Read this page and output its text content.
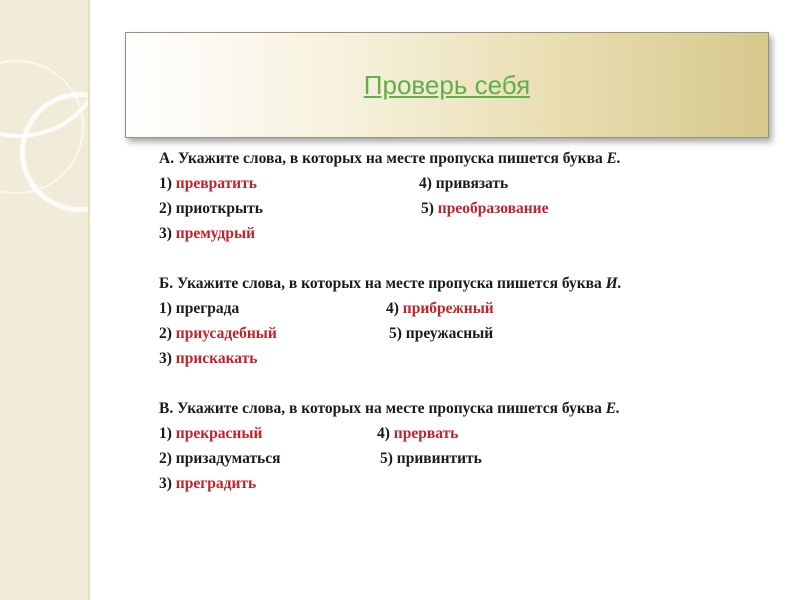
Проверь себя
А. Укажите слова, в которых на месте пропуска пишется буква Е.
1) превратить	4) привязать
2) приоткрыть	5) преобразование
3) премудрый
Б. Укажите слова, в которых на месте пропуска пишется буква И.
1) преграда	4) прибрежный
2) приусадебный	5) преужасный
3) прискакать
В. Укажите слова, в которых на месте пропуска пишется буква Е.
1) прекрасный	4) прервать
2) призадуматься	5) привинтить
3) преградить
